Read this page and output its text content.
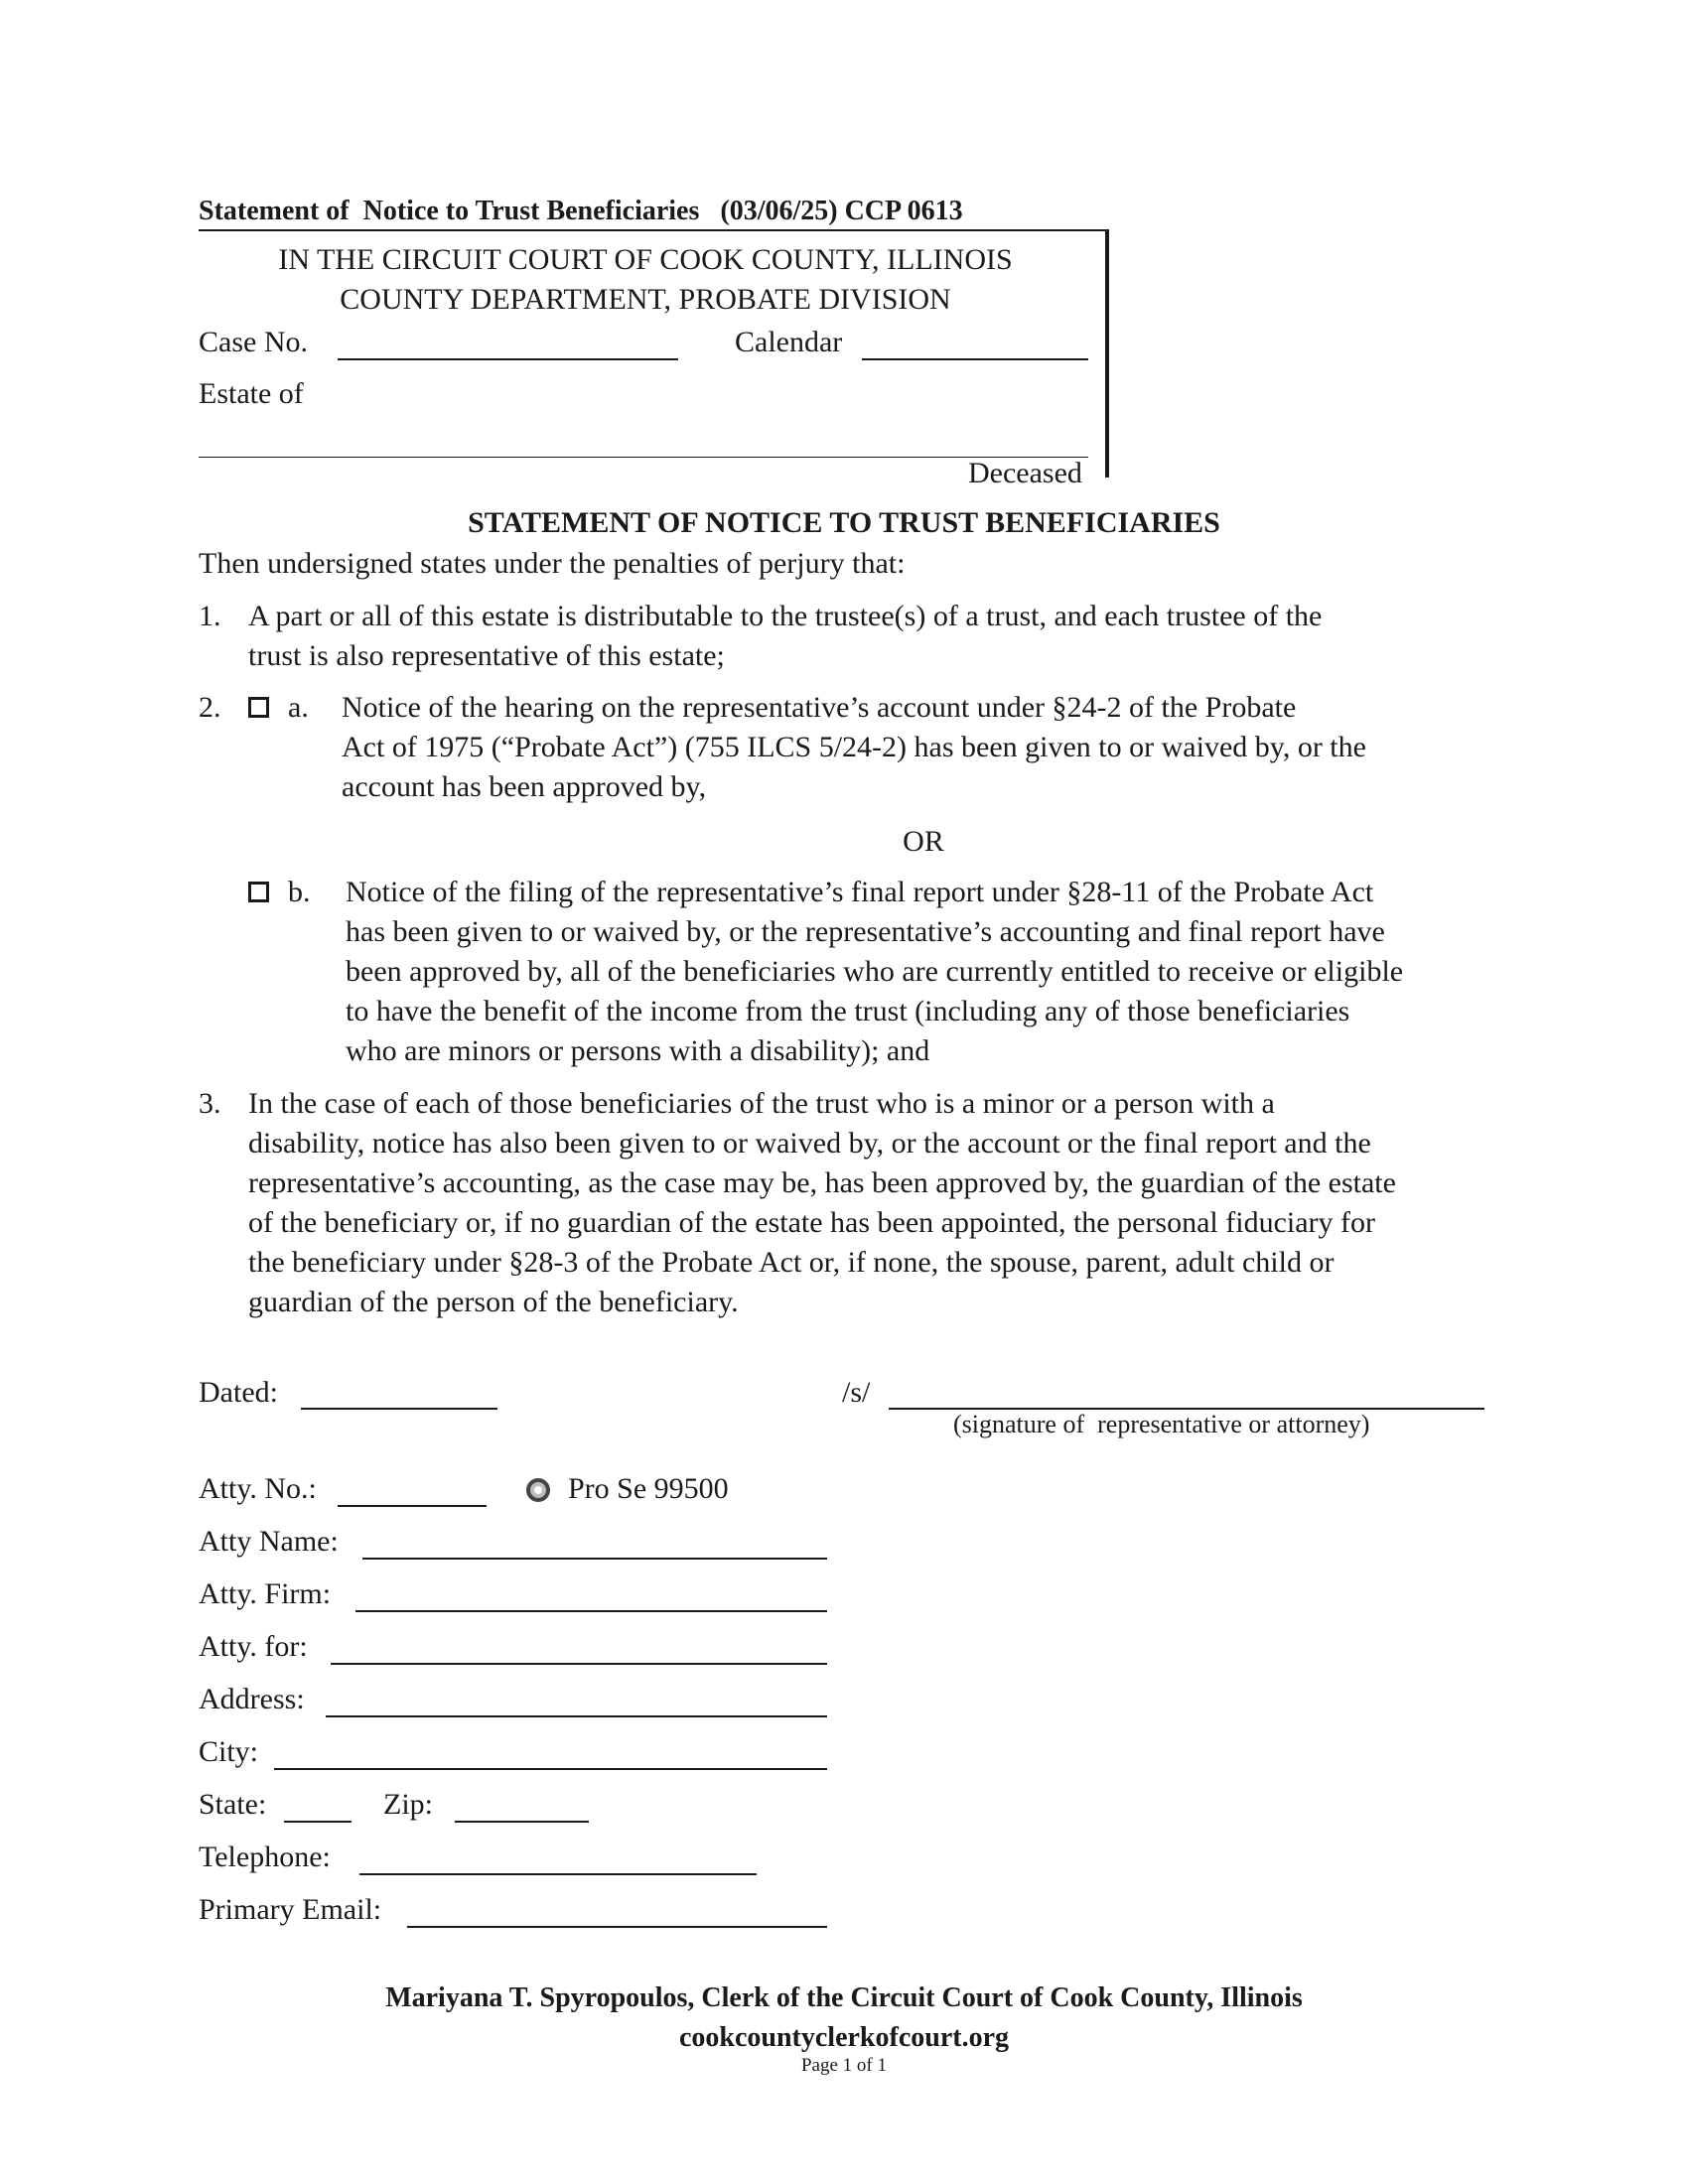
Statement of  Notice to Trust Beneficiaries   (03/06/25) CCP 0613
IN THE CIRCUIT COURT OF COOK COUNTY, ILLINOIS
COUNTY DEPARTMENT, PROBATE DIVISION
Case No.	Calendar
Estate of
Deceased
STATEMENT OF NOTICE TO TRUST BENEFICIARIES
Then undersigned states under the penalties of perjury that:
1. A part or all of this estate is distributable to the trustee(s) of a trust, and each trustee of the
trust is also representative of this estate;
2. a. Notice of the hearing on the representative’s account under §24-2 of the Probate
Act of 1975 (“Probate Act”) (755 ILCS 5/24-2) has been given to or waived by, or the
account has been approved by,
OR
b. Notice of the filing of the representative’s final report under §28-11 of the Probate Act
has been given to or waived by, or the representative’s accounting and final report have
been approved by, all of the beneficiaries who are currently entitled to receive or eligible
to have the benefit of the income from the trust (including any of those beneficiaries
who are minors or persons with a disability); and
3. In the case of each of those beneficiaries of the trust who is a minor or a person with a
disability, notice has also been given to or waived by, or the account or the final report and the
representative’s accounting, as the case may be, has been approved by, the guardian of the estate
of the beneficiary or, if no guardian of the estate has been appointed, the personal fiduciary for
the beneficiary under §28-3 of the Probate Act or, if none, the spouse, parent, adult child or
guardian of the person of the beneficiary.
Dated:	/s/
(signature of  representative or attorney)
Atty. No.:	Pro Se 99500
Atty Name:
Atty. Firm:
Atty. for:
Address:
City:
State:	Zip:
Telephone:
Primary Email:
Mariyana T. Spyropoulos, Clerk of the Circuit Court of Cook County, Illinois
cookcountyclerkofcourt.org
Page 1 of 1
